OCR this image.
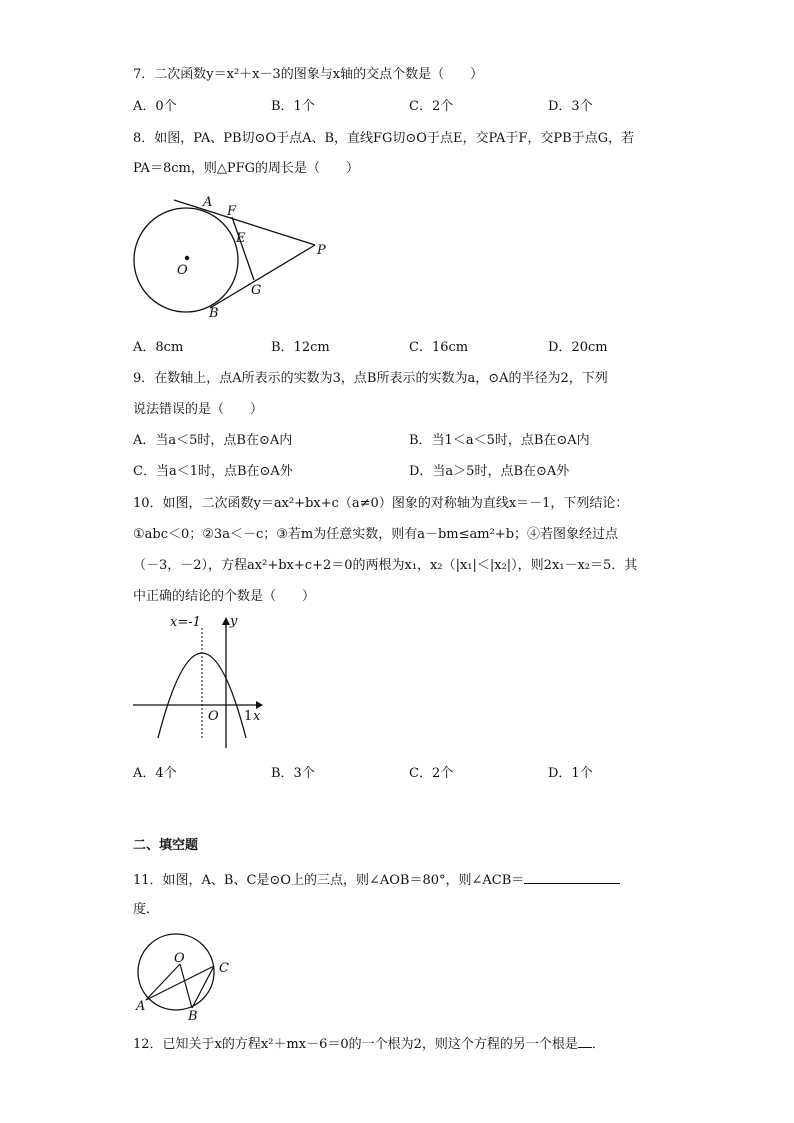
7．二次函数y＝x²＋x－3的图象与x轴的交点个数是（　　）
A．0个	B．1个	C．2个	D．3个
8．如图，PA、PB切⊙O于点A、B，直线FG切⊙O于点E，交PA于F，交PB于点G，若
PA＝8cm，则△PFG的周长是（　　）
A
F
E
O
P
G
B
A．8cm	B．12cm	C．16cm	D．20cm
9．在数轴上，点A所表示的实数为3，点B所表示的实数为a，⊙A的半径为2，下列
说法错误的是（　　）
A．当a＜5时，点B在⊙A内	B．当1＜a＜5时，点B在⊙A内
C．当a＜1时，点B在⊙A外	D．当a＞5时，点B在⊙A外
10．如图，二次函数y＝ax²+bx+c（a≠0）图象的对称轴为直线x＝－1，下列结论：
①abc＜0；②3a＜－c；③若m为任意实数，则有a－bm≤am²+b；④若图象经过点
（－3，－2），方程ax²+bx+c+2＝0的两根为x₁，x₂（|x₁|＜|x₂|），则2x₁－x₂＝5．其
中正确的结论的个数是（　　）
x=-1 y
O 1 x
A．4个	B．3个	C．2个	D．1个
二、填空题
11．如图，A、B、C是⊙O上的三点，则∠AOB＝80°，则∠ACB＝
度．
O
C
A
B
12．已知关于x的方程x²＋mx－6＝0的一个根为2，则这个方程的另一个根是 ．
